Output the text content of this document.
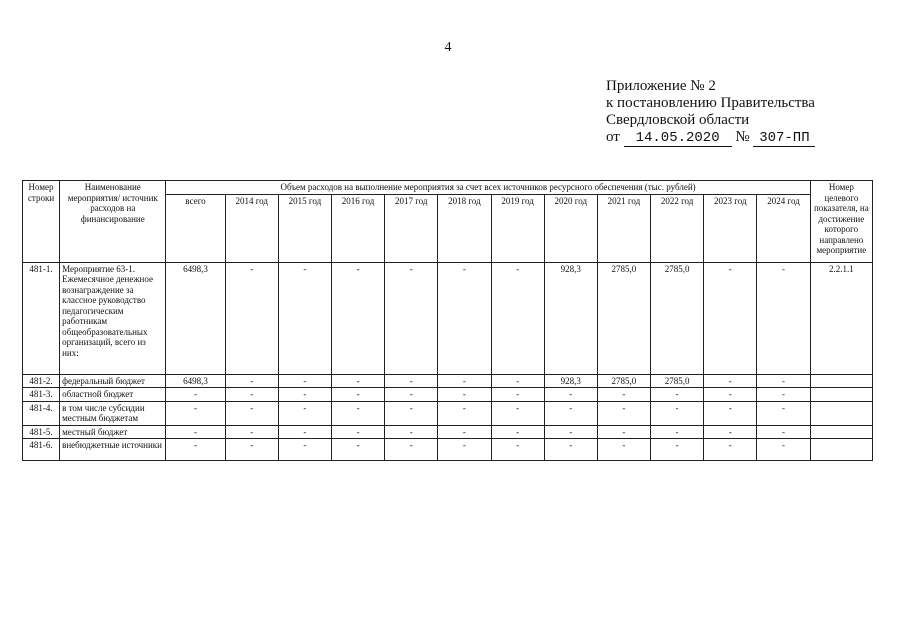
4
Приложение № 2
к постановлению Правительства
Свердловской области
от 14.05.2020 № 307-ПП
Номер строки	Наименование мероприятия/ источник расходов на финансирование	Объем расходов на выполнение мероприятия за счет всех источников ресурсного обеспечения (тыс. рублей)												Номер целевого показателя, на достижение которого направлено мероприятие
		всего	2014 год	2015 год	2016 год	2017 год	2018 год	2019 год	2020 год	2021 год	2022 год	2023 год	2024 год	
481-1.	Мероприятие 63-1. Ежемесячное денежное вознаграждение за классное руководство педагогическим работникам общеобразовательных организаций, всего из них:	6498,3	-	-	-	-	-	-	928,3	2785,0	2785,0	-	-	2.2.1.1
481-2.	федеральный бюджет	6498,3	-	-	-	-	-	-	928,3	2785,0	2785,0	-	-	
481-3.	областной бюджет	-	-	-	-	-	-	-	-	-	-	-	-	
481-4.	в том числе субсидии местным бюджетам	-	-	-	-	-	-	-	-	-	-	-	-	
481-5.	местный бюджет	-	-	-	-	-	-	-	-	-	-	-	-	
481-6.	внебюджетные источники	-	-	-	-	-	-	-	-	-	-	-	-	
